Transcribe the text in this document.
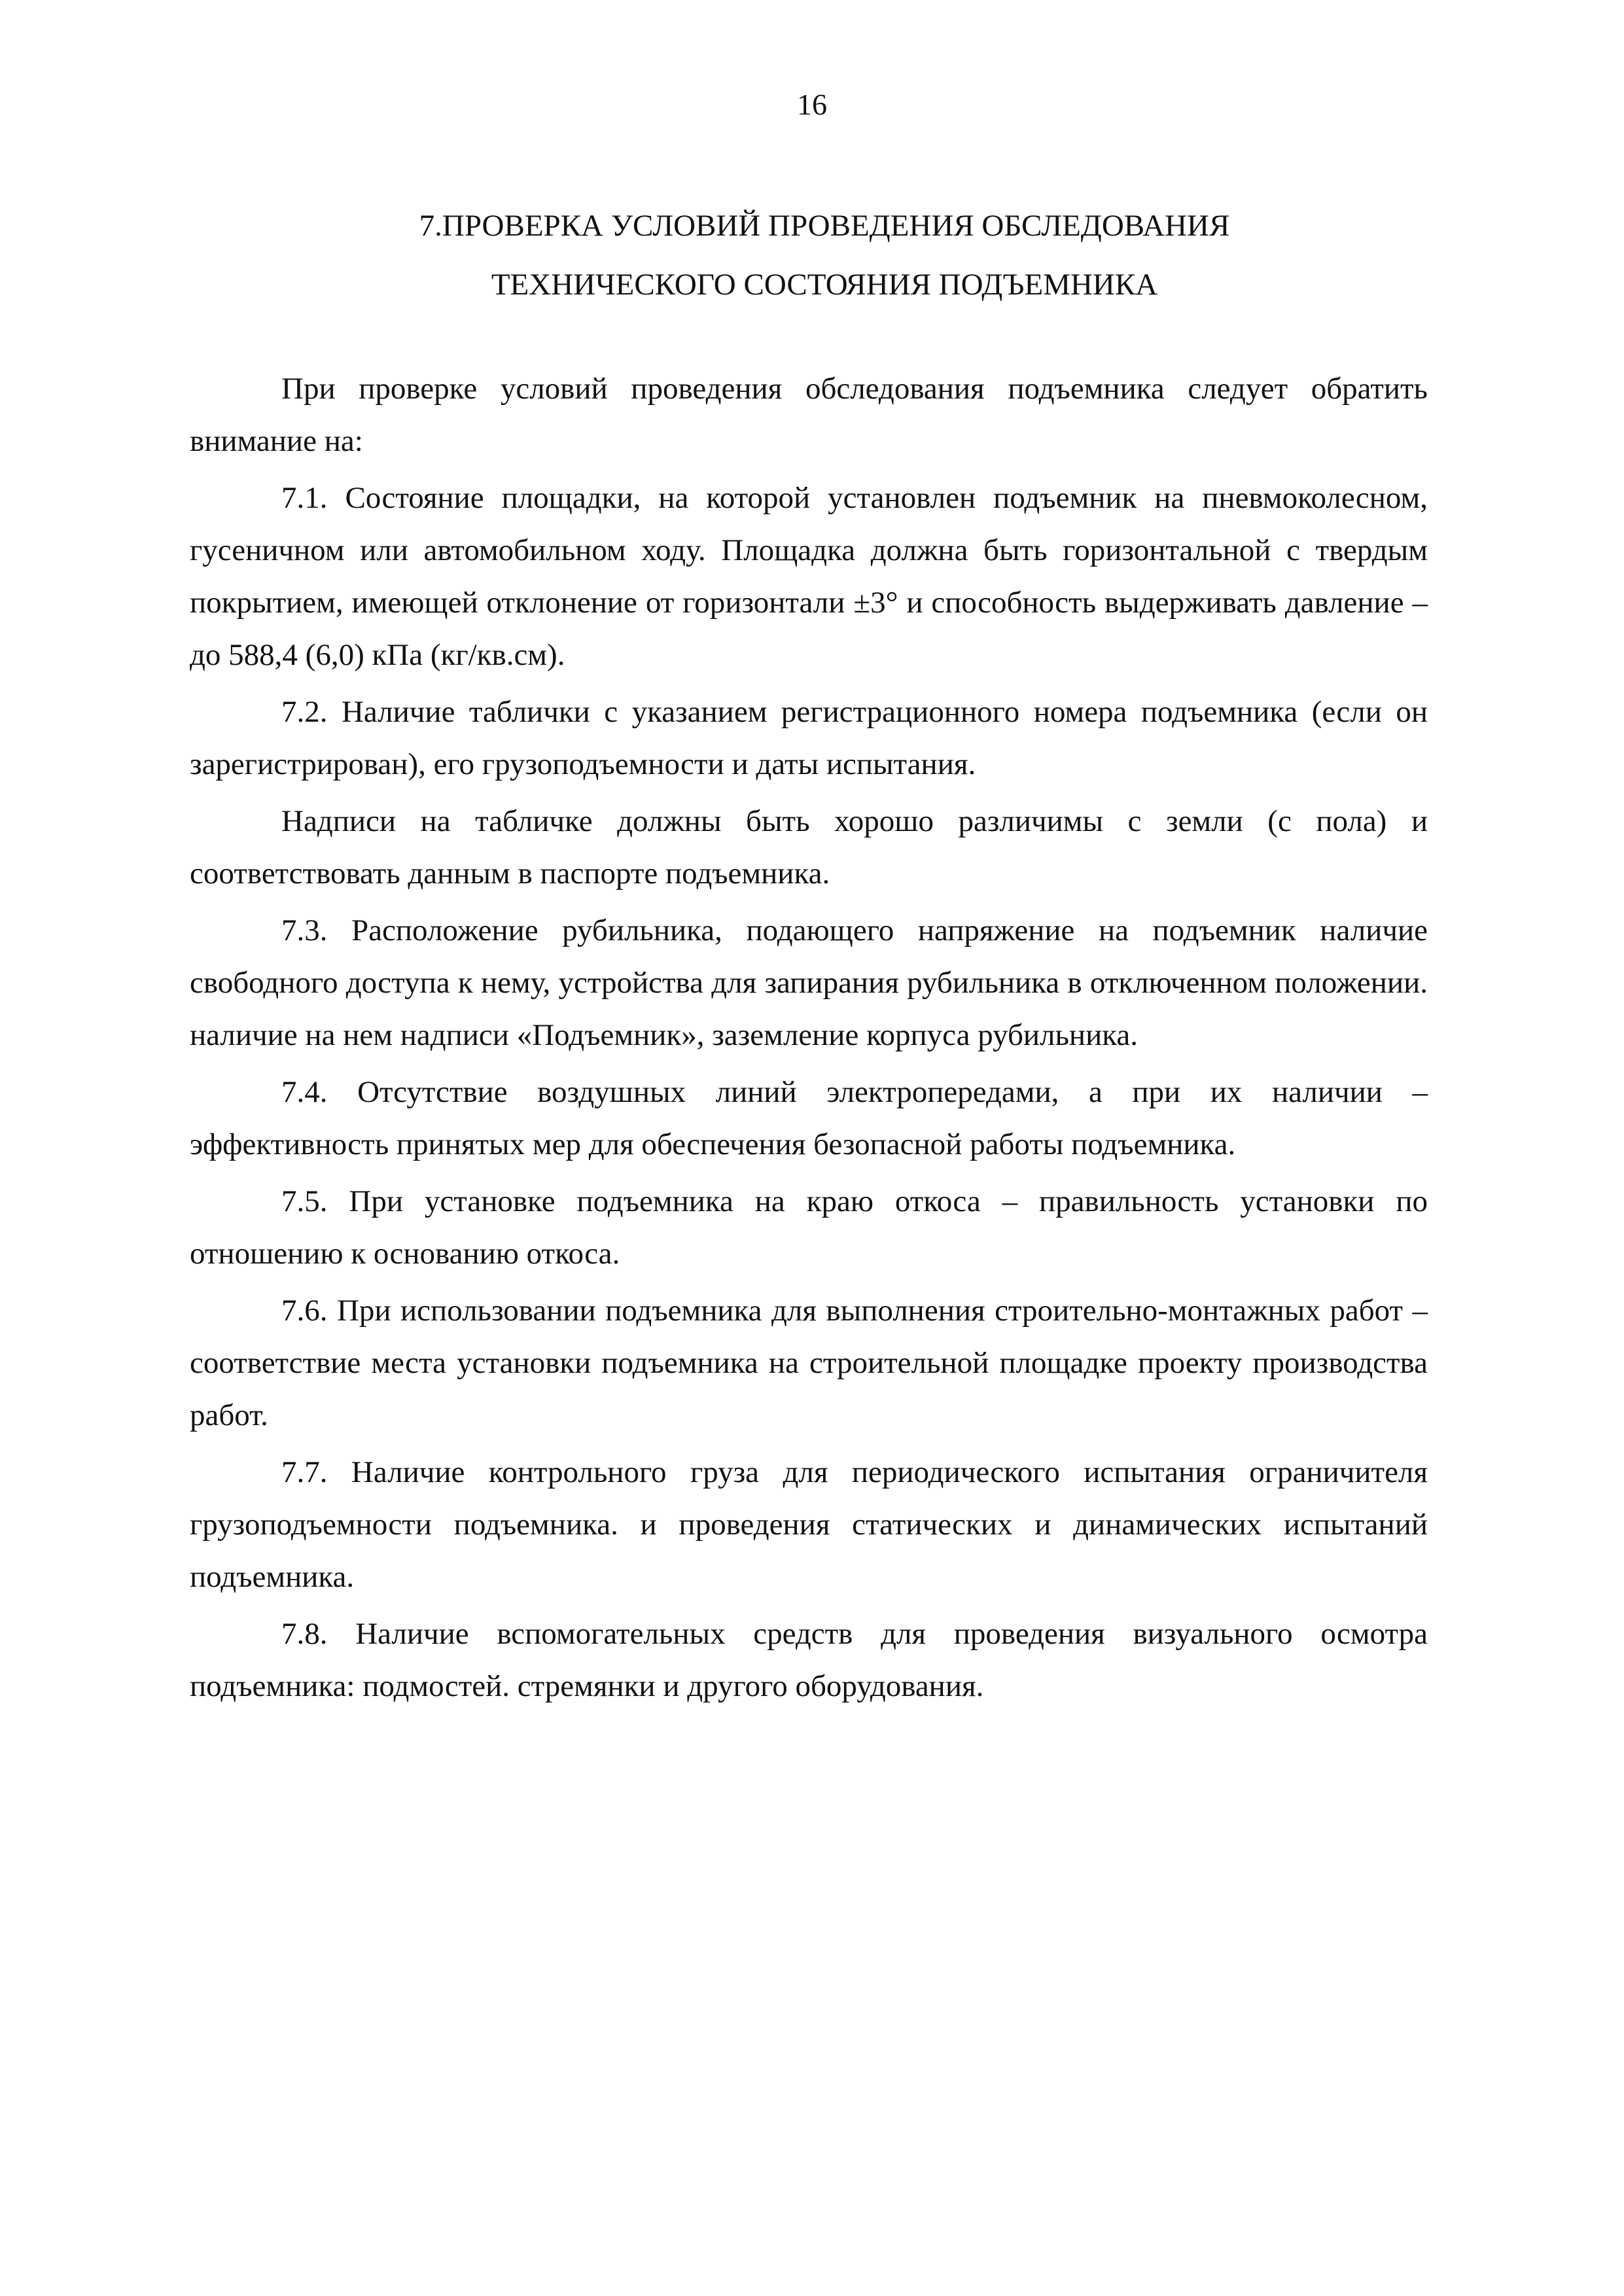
16
7.ПРОВЕРКА УСЛОВИЙ ПРОВЕДЕНИЯ ОБСЛЕДОВАНИЯ
ТЕХНИЧЕСКОГО СОСТОЯНИЯ ПОДЪЕМНИКА

При проверке условий проведения обследования подъемника следует обратить внимание на:

7.1. Состояние площадки, на которой установлен подъемник на пневмоколесном, гусеничном или автомобильном ходу. Площадка должна быть горизонтальной с твердым покрытием, имеющей отклонение от горизонтали ±3° и способность выдерживать давление – до 588,4 (6,0) кПа (кг/кв.см).

7.2. Наличие таблички с указанием регистрационного номера подъемника (если он зарегистрирован), его грузоподъемности и даты испытания.

Надписи на табличке должны быть хорошо различимы с земли (с пола) и соответствовать данным в паспорте подъемника.

7.3. Расположение рубильника, подающего напряжение на подъемник наличие свободного доступа к нему, устройства для запирания рубильника в отключенном положении. наличие на нем надписи «Подъемник», заземление корпуса рубильника.

7.4. Отсутствие воздушных линий электропередами, а при их наличии – эффективность принятых мер для обеспечения безопасной работы подъемника.

7.5. При установке подъемника на краю откоса – правильность установки по отношению к основанию откоса.

7.6. При использовании подъемника для выполнения строительно-монтажных работ – соответствие места установки подъемника на строительной площадке проекту производства работ.

7.7. Наличие контрольного груза для периодического испытания ограничителя грузоподъемности подъемника. и проведения статических и динамических испытаний подъемника.

7.8. Наличие вспомогательных средств для проведения визуального осмотра подъемника: подмостей. стремянки и другого оборудования.
